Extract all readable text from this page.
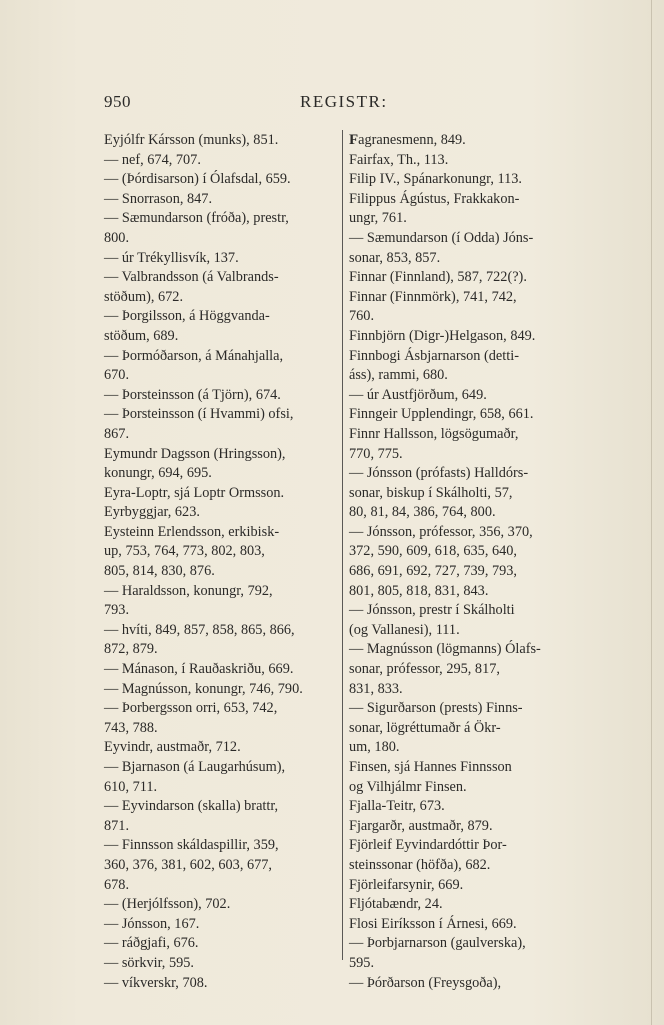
950	REGISTR:
Eyjólfr Kársson (munks), 851.
— nef, 674, 707.
— (Þórdisarson) í Ólafsdal, 659.
— Snorrason, 847.
— Sæmundarson (fróða), prestr,
800.
— úr Trékyllisvík, 137.
— Valbrandsson (á Valbrands-
stöðum), 672.
— Þorgilsson, á Höggvanda-
stöðum, 689.
— Þormóðarson, á Mánahjalla,
670.
— Þorsteinsson (á Tjörn), 674.
— Þorsteinsson (í Hvammi) ofsi,
867.
Eymundr Dagsson (Hringsson),
konungr, 694, 695.
Eyra-Loptr, sjá Loptr Ormsson.
Eyrbyggjar, 623.
Eysteinn Erlendsson, erkibisk-
up, 753, 764, 773, 802, 803,
805, 814, 830, 876.
— Haraldsson, konungr, 792,
793.
— hvíti, 849, 857, 858, 865, 866,
872, 879.
— Mánason, í Rauðaskriðu, 669.
— Magnússon, konungr, 746, 790.
— Þorbergsson orri, 653, 742,
743, 788.
Eyvindr, austmaðr, 712.
— Bjarnason (á Laugarhúsum),
610, 711.
— Eyvindarson (skalla) brattr,
871.
— Finnsson skáldaspillir, 359,
360, 376, 381, 602, 603, 677,
678.
— (Herjólfsson), 702.
— Jónsson, 167.
— ráðgjafi, 676.
— sörkvir, 595.
— víkverskr, 708.
Fagranesmenn, 849.
Fairfax, Th., 113.
Filip IV., Spánarkonungr, 113.
Filippus Ágústus, Frakkakon-
ungr, 761.
— Sæmundarson (í Odda) Jóns-
sonar, 853, 857.
Finnar (Finnland), 587, 722(?).
Finnar (Finnmörk), 741, 742,
760.
Finnbjörn (Digr-)Helgason, 849.
Finnbogi Ásbjarnarson (detti-
áss), rammi, 680.
— úr Austfjörðum, 649.
Finngeir Upplendingr, 658, 661.
Finnr Hallsson, lögsögumaðr,
770, 775.
— Jónsson (prófasts) Halldórs-
sonar, biskup í Skálholti, 57,
80, 81, 84, 386, 764, 800.
— Jónsson, prófessor, 356, 370,
372, 590, 609, 618, 635, 640,
686, 691, 692, 727, 739, 793,
801, 805, 818, 831, 843.
— Jónsson, prestr í Skálholti
(og Vallanesi), 111.
— Magnússon (lögmanns) Ólafs-
sonar, prófessor, 295, 817,
831, 833.
— Sigurðarson (prests) Finns-
sonar, lögréttumaðr á Ökr-
um, 180.
Finsen, sjá Hannes Finnsson
og Vilhjálmr Finsen.
Fjalla-Teitr, 673.
Fjargarðr, austmaðr, 879.
Fjörleif Eyvindardóttir Þor-
steinssonar (höfða), 682.
Fjörleifarsynir, 669.
Fljótabændr, 24.
Flosi Eiríksson í Árnesi, 669.
— Þorbjarnarson (gaulverska),
595.
— Þórðarson (Freysgoða),
